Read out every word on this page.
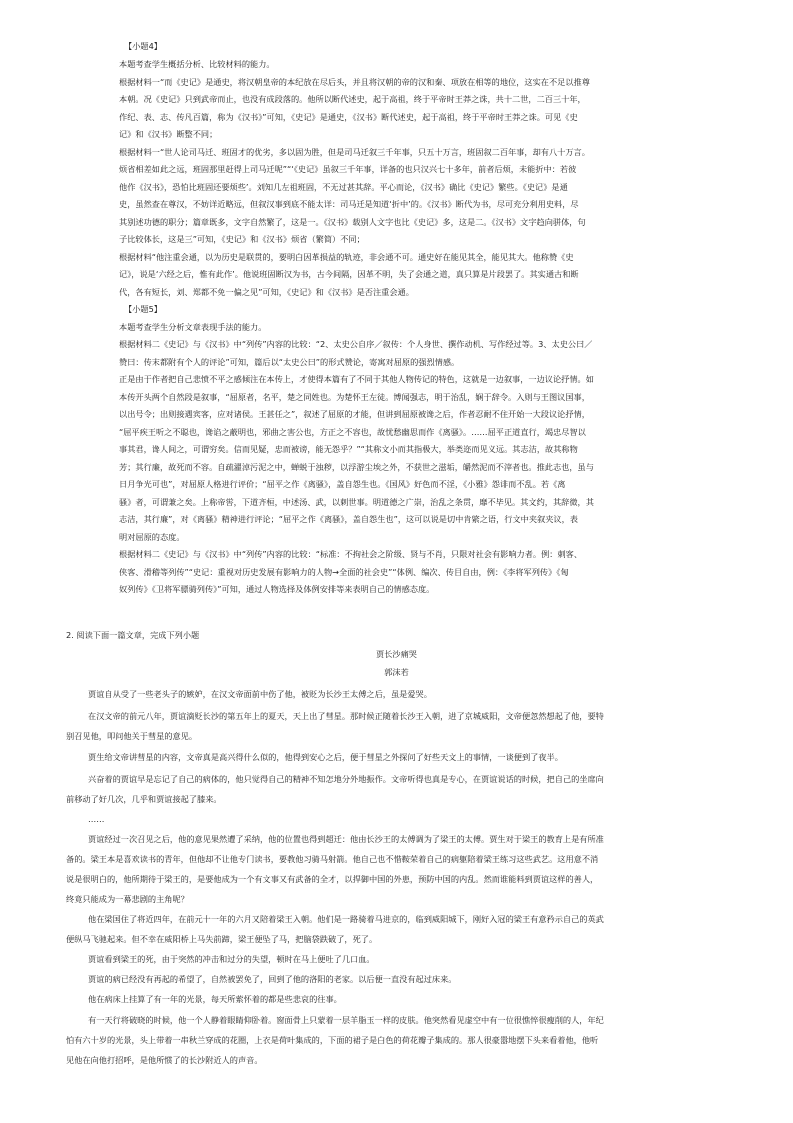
【小题4】
本题考查学生概括分析、比较材料的能力。
根据材料一“而《史记》是通史，将汉朝皇帝的本纪放在尽后头，并且将汉朝的帝的汉和秦、项放在相等的地位，这实在不足以推尊
本朝。况《史记》只到武帝而止，也没有成段落的。他所以断代述史，起于高祖，终于平帝时王莽之诛，共十二世，二百三十年，
作纪、表、志、传凡百篇，称为《汉书》”可知，《史记》是通史，《汉书》断代述史，起于高祖，终于平帝时王莽之诛。可见《史
记》和《汉书》断整不同；
根据材料一“世人论司马迁、班固才的优劣，多以固为胜，但是司马迁叙三千年事，只五十万言，班固叙二百年事，却有八十万言。
烦省相差如此之远，班固那里赶得上司马迁呢”“‘《史记》虽叙三千年事，详备的也只汉兴七十多年，前者后烦，未能折中：若彼
他作《汉书》，恐怕比班固还要烦些’。刘知几左祖班固，不无过甚其辞。平心而论，《汉书》确比《史记》繁些。《史记》是通
史，虽然查在尊汉，不妨详近略远，但叙汉事到底不能太详：司马迁是知道‘折中’的。《汉书》断代为书，尽可充分利用史料，尽
其别述功德的职分；篇章既多，文字自然繁了，这是一。《汉书》载别人文字也比《史记》多，这是二。《汉书》文字趋向骈体，句
子比较体长，这是三”可知，《史记》和《汉书》烦省（繁简）不同；
根据材料“他注重会通，以为历史是联贯的，要明白因革损益的轨迹，非会通不可。通史好在能见其全，能见其大。他称赞《史
记》，说是‘六经之后，惟有此作’。他说班固断汉为书，古今间隔，因革不明，失了会通之道，真只算是片段罢了。其实通古和断
代，各有短长，刘、郑都不免一偏之见”可知，《史记》和《汉书》是否注重会通。
【小题5】
本题考查学生分析文章表现手法的能力。
根据材料二《史记》与《汉书》中“列传”内容的比较：“2、太史公自序／叙传：个人身世、撰作动机、写作经过等。3、太史公曰／
赞曰：传末都附有个人的评论”可知，篇后以“太史公曰”的形式赞论，寄寓对屈原的强烈情感。
正是由于作者把自己悲愤不平之感倾注在本传上，才使得本篇有了不同于其他人物传记的特色，这就是一边叙事，一边议论抒情。如
本传开头两个自然段是叙事，“屈原者，名平，楚之同姓也。为楚怀王左徒。博闻强志，明于治乱，娴于辞令。入则与王图议国事，
以出号令；出则接遇宾客，应对诸侯。王甚任之”，叙述了屈原的才能，但讲到屈原被谗之后，作者忍耐不住开始一大段议论抒情，
“屈平疾王听之不聪也，谗谄之蔽明也，邪曲之害公也，方正之不容也，故忧愁幽思而作《离骚》。……屈平正道直行，竭忠尽智以
事其君，谗人间之，可谓穷矣。信而见疑，忠而被谤，能无怨乎？”“其称文小而其指极大，举类迩而见义远。其志洁，故其称物
芳；其行廉，故死而不容。自疏濯淖污泥之中，蝉蜕于浊秽，以浮游尘埃之外，不获世之滋垢，皭然泥而不滓者也。推此志也，虽与
日月争光可也”，对屈原人格进行评价；“屈平之作《离骚》，盖自怨生也。《国风》好色而不淫，《小雅》怨诽而不乱。若《离
骚》者，可谓兼之矣。上称帝喾，下道齐桓，中述汤、武，以刺世事。明道德之广崇，治乱之条贯，靡不毕见。其文约，其辞微，其
志洁，其行廉”，对《离骚》精神进行评论；“屈平之作《离骚》，盖自怨生也”，这可以说是切中肯綮之语，行文中夹叙夹议，表
明对屈原的态度。
根据材料二《史记》与《汉书》中“列传”内容的比较：“标准：不拘社会之阶级、贤与不肖，只限对社会有影响力者。例：刺客、
侠客、滑稽等列传”“史记：重视对历史发展有影响力的人物→全面的社会史”“体例、编次、传目自由，例：《李将军列传》《匈
奴列传》《卫将军骠骑列传》”可知，通过人物选择及体例安排等来表明自己的情感态度。
2. 阅读下面一篇文章，完成下列小题
贾长沙痛哭
郭沫若
贾谊自从受了一些老头子的嫉妒，在汉文帝面前中伤了他，被贬为长沙王太傅之后，虽是爱哭。
在汉文帝的前元八年，贾谊滴贬长沙的第五年上的夏天，天上出了彗星。那时候正随着长沙王入朝，进了京城威阳，文帝便忽然想起了他，要特
别召见他，叩问他关于彗星的意见。
贾生给文帝讲彗星的内容，文帝真是高兴得什么似的，他得到安心之后，便于彗星之外探问了好些天文上的事情，一谈便到了夜半。
兴奋着的贾谊早是忘记了自己的病体的，他只觉得自己的精神不知怎地分外地振作。文帝听得也真是专心，在贾谊说话的时候，把自己的坐席向
前移动了好几次，几乎和贾谊接起了膝来。
……
贾谊经过一次召见之后，他的意见果然遭了采纳，他的位置也得到超迁：他由长沙王的太傅调为了梁王的太傅。贾生对于梁王的教育上是有所准
备的。梁王本是喜欢读书的青年，但他却不让他专门读书，要教他习骑马射箭。他自己也不惜鞍荣着自己的病躯陪着梁王练习这些武艺。这用意不消
说是很明白的，他所期待于梁王的，是要他成为一个有文事又有武备的全才，以捍御中国的外患，预防中国的内乱。然而谁能料到贾谊这样的善人，
终竟只能成为一幕悲剧的主角呢？
他在梁国住了将近四年，在前元十一年的六月又陪着梁王入朝。他们是一路骑着马进京的，临到威阳城下，刚好入冠的梁王有意矜示自己的英武
便纵马飞驰起来。但不幸在威阳桥上马失前蹄，梁王便坠了马，把脑袋跌破了，死了。
贾谊看到梁王的死，由于突然的冲击和过分的失望，顿时在马上便吐了几口血。
贾谊的病已经没有再起的希望了，自然被罢免了，回到了他的洛阳的老家。以后便一直没有起过床来。
他在病床上挂算了有一年的光景，每天所萦怀着的都是些悲哀的往事。
有一天行将破晓的时候，他一个人静着眼睛仰卧着。窗面骨上只蒙着一层羊脂玉一样的皮肤。他突然看见虚空中有一位很憔悴很瘦削的人，年纪
怕有六十岁的光景，头上带着一串秋兰穿成的花圈，上衣是荷叶集成的，下面的裙子是白色的荷花瓣子集成的。那人很豪嚣地摆下头来看着他，他听
见他在向他打招呼，是他所惯了的长沙附近人的声音。
